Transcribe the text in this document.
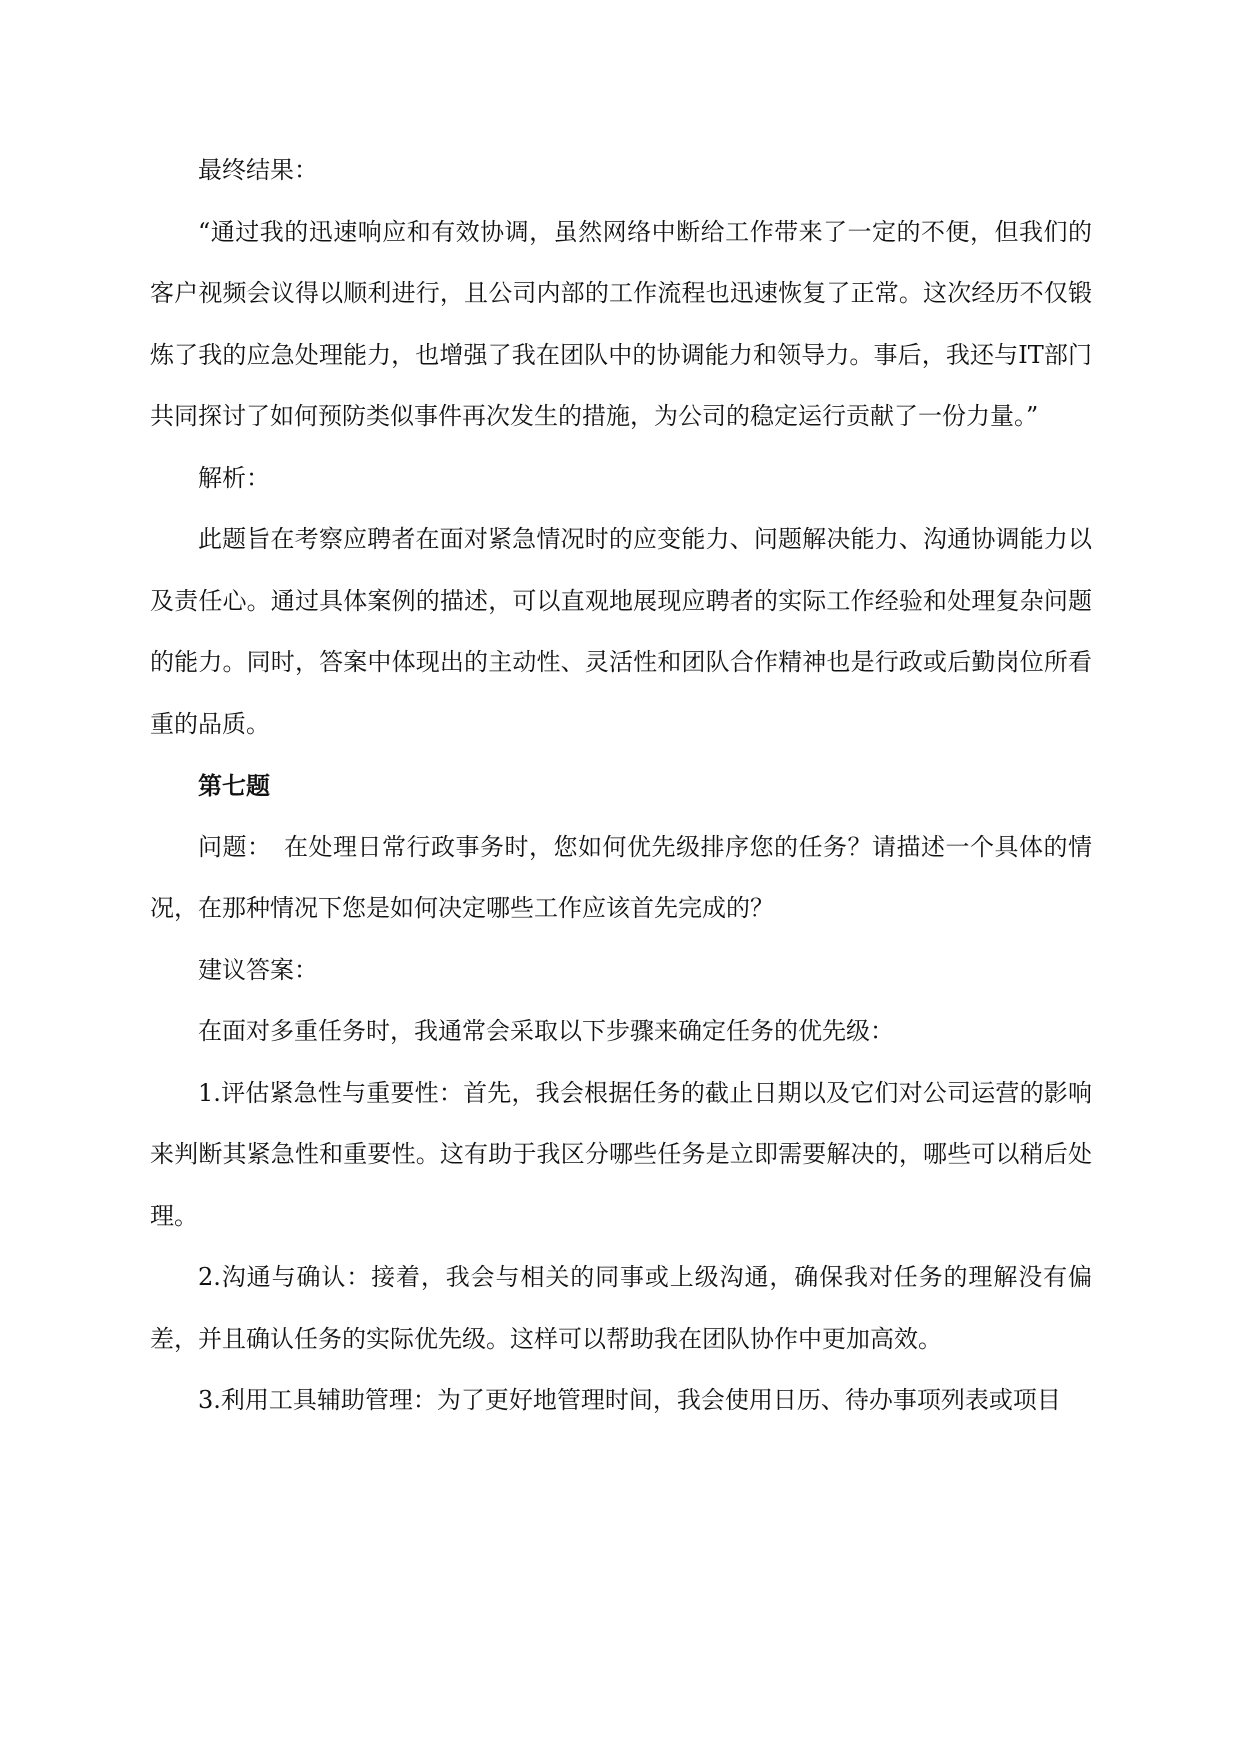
最终结果：

“通过我的迅速响应和有效协调，虽然网络中断给工作带来了一定的不便，但我们的客户视频会议得以顺利进行，且公司内部的工作流程也迅速恢复了正常。这次经历不仅锻炼了我的应急处理能力，也增强了我在团队中的协调能力和领导力。事后，我还与IT部门共同探讨了如何预防类似事件再次发生的措施，为公司的稳定运行贡献了一份力量。”

解析：

此题旨在考察应聘者在面对紧急情况时的应变能力、问题解决能力、沟通协调能力以及责任心。通过具体案例的描述，可以直观地展现应聘者的实际工作经验和处理复杂问题的能力。同时，答案中体现出的主动性、灵活性和团队合作精神也是行政或后勤岗位所看重的品质。

第七题

问题：　在处理日常行政事务时，您如何优先级排序您的任务？请描述一个具体的情况，在那种情况下您是如何决定哪些工作应该首先完成的？

建议答案：

在面对多重任务时，我通常会采取以下步骤来确定任务的优先级：

1.评估紧急性与重要性：首先，我会根据任务的截止日期以及它们对公司运营的影响来判断其紧急性和重要性。这有助于我区分哪些任务是立即需要解决的，哪些可以稍后处理。

2.沟通与确认：接着，我会与相关的同事或上级沟通，确保我对任务的理解没有偏差，并且确认任务的实际优先级。这样可以帮助我在团队协作中更加高效。

3.利用工具辅助管理：为了更好地管理时间，我会使用日历、待办事项列表或项目
